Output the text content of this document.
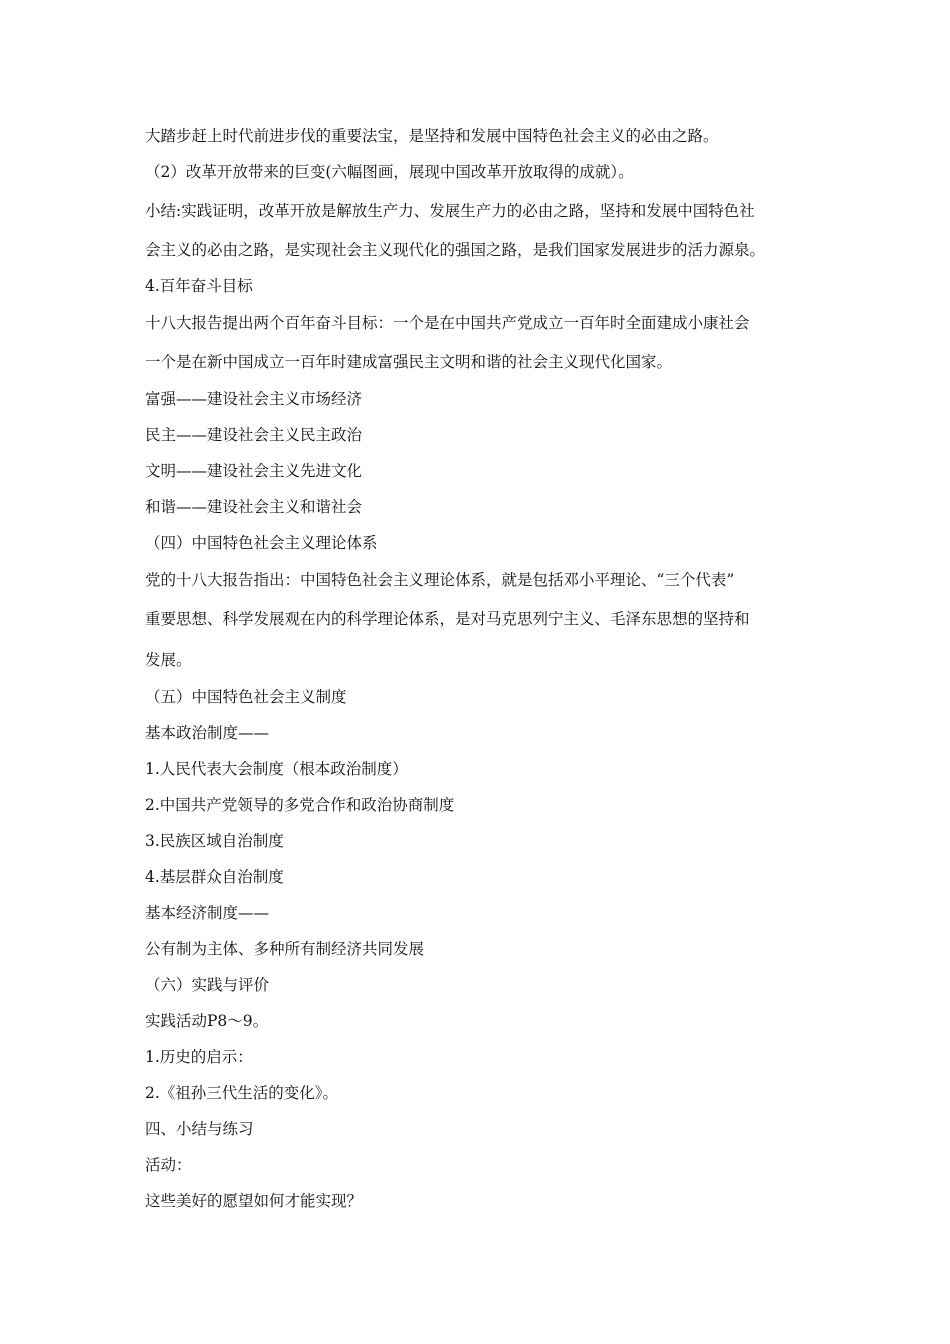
大踏步赶上时代前进步伐的重要法宝，是坚持和发展中国特色社会主义的必由之路。
（2）改革开放带来的巨变(六幅图画，展现中国改革开放取得的成就）。
小结:实践证明，改革开放是解放生产力、发展生产力的必由之路，坚持和发展中国特色社
会主义的必由之路，是实现社会主义现代化的强国之路，是我们国家发展进步的活力源泉。
4.百年奋斗目标
十八大报告提出两个百年奋斗目标：一个是在中国共产党成立一百年时全面建成小康社会
一个是在新中国成立一百年时建成富强民主文明和谐的社会主义现代化国家。
富强——建设社会主义市场经济
民主——建设社会主义民主政治
文明——建设社会主义先进文化
和谐——建设社会主义和谐社会
（四）中国特色社会主义理论体系
党的十八大报告指出：中国特色社会主义理论体系，就是包括邓小平理论、“三个代表”
重要思想、科学发展观在内的科学理论体系，是对马克思列宁主义、毛泽东思想的坚持和
发展。
（五）中国特色社会主义制度
基本政治制度——
1.人民代表大会制度（根本政治制度）
2.中国共产党领导的多党合作和政治协商制度
3.民族区域自治制度
4.基层群众自治制度
基本经济制度——
公有制为主体、多种所有制经济共同发展
（六）实践与评价
实践活动P8～9。
1.历史的启示：
2.《祖孙三代生活的变化》。
四、小结与练习
活动：
这些美好的愿望如何才能实现？
